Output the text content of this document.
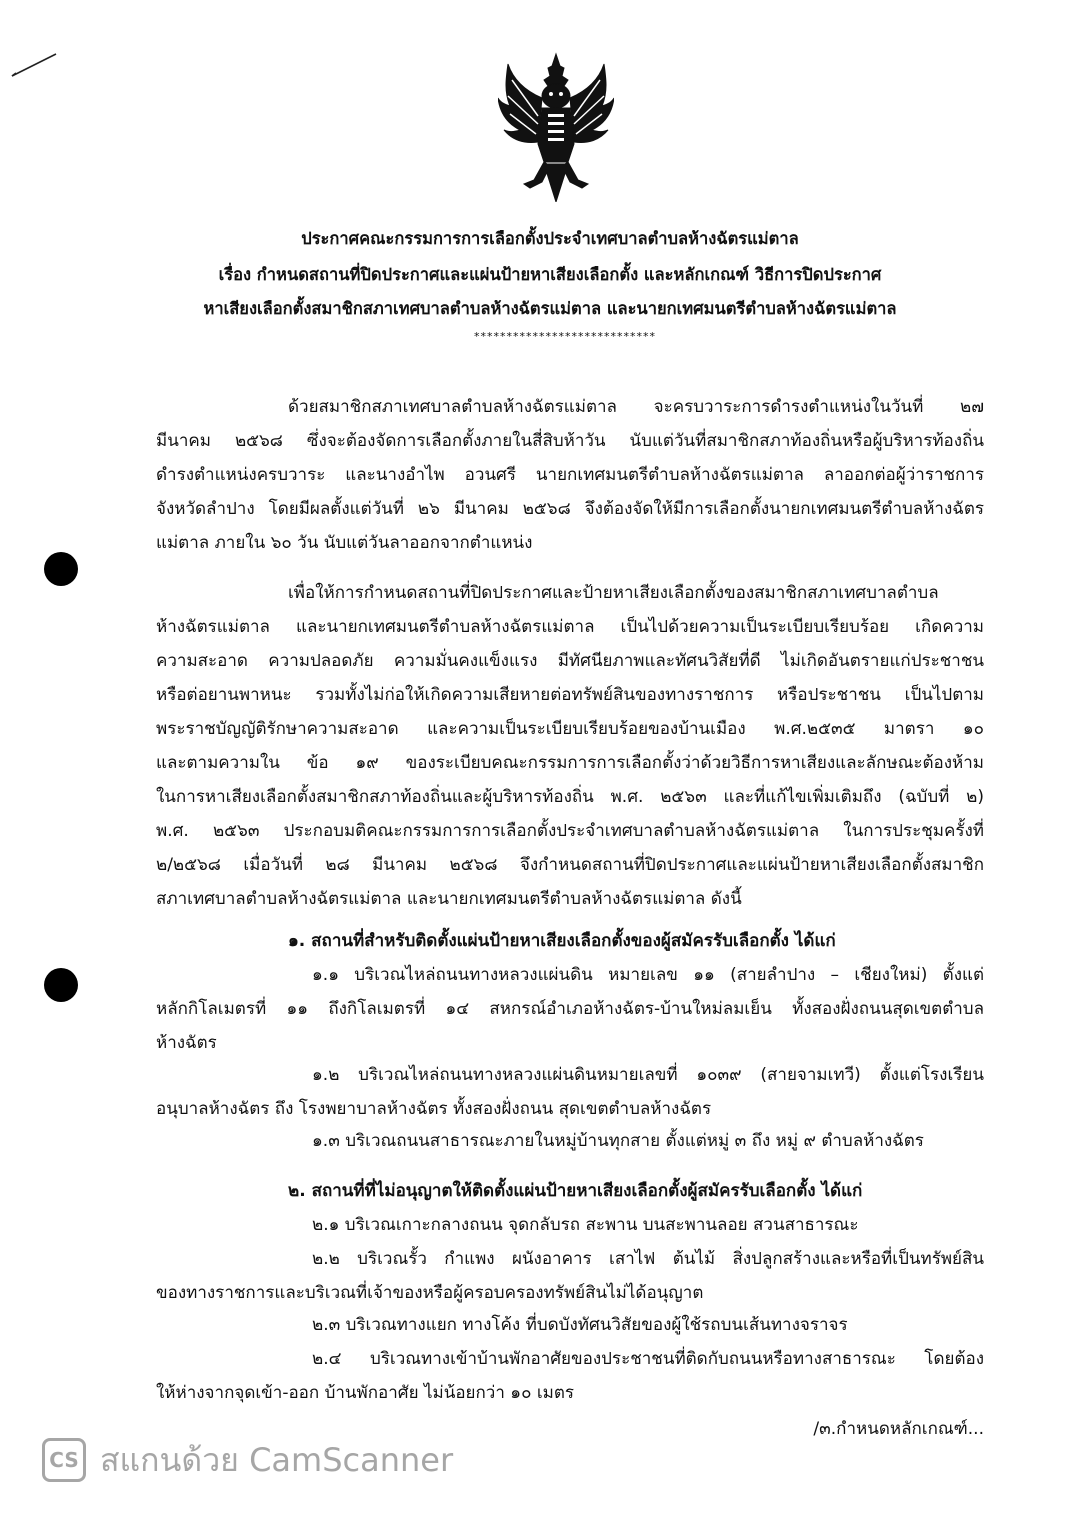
ประกาศคณะกรรมการการเลือกตั้งประจำเทศบาลตำบลห้างฉัตรแม่ตาล
เรื่อง กำหนดสถานที่ปิดประกาศและแผ่นป้ายหาเสียงเลือกตั้ง และหลักเกณฑ์ วิธีการปิดประกาศ
หาเสียงเลือกตั้งสมาชิกสภาเทศบาลตำบลห้างฉัตรแม่ตาล และนายกเทศมนตรีตำบลห้างฉัตรแม่ตาล
****************************
ด้วยสมาชิกสภาเทศบาลตำบลห้างฉัตรแม่ตาล จะครบวาระการดำรงตำแหน่งในวันที่ ๒๗
มีนาคม ๒๕๖๘ ซึ่งจะต้องจัดการเลือกตั้งภายในสี่สิบห้าวัน นับแต่วันที่สมาชิกสภาท้องถิ่นหรือผู้บริหารท้องถิ่น
ดำรงตำแหน่งครบวาระ และนางอำไพ อวนศรี นายกเทศมนตรีตำบลห้างฉัตรแม่ตาล ลาออกต่อผู้ว่าราชการ
จังหวัดลำปาง โดยมีผลตั้งแต่วันที่ ๒๖ มีนาคม ๒๕๖๘ จึงต้องจัดให้มีการเลือกตั้งนายกเทศมนตรีตำบลห้างฉัตร
แม่ตาล ภายใน ๖๐ วัน นับแต่วันลาออกจากตำแหน่ง
เพื่อให้การกำหนดสถานที่ปิดประกาศและป้ายหาเสียงเลือกตั้งของสมาชิกสภาเทศบาลตำบล
ห้างฉัตรแม่ตาล และนายกเทศมนตรีตำบลห้างฉัตรแม่ตาล เป็นไปด้วยความเป็นระเบียบเรียบร้อย เกิดความ
ความสะอาด ความปลอดภัย ความมั่นคงแข็งแรง มีทัศนียภาพและทัศนวิสัยที่ดี ไม่เกิดอันตรายแก่ประชาชน
หรือต่อยานพาหนะ รวมทั้งไม่ก่อให้เกิดความเสียหายต่อทรัพย์สินของทางราชการ หรือประชาชน เป็นไปตาม
พระราชบัญญัติรักษาความสะอาด และความเป็นระเบียบเรียบร้อยของบ้านเมือง พ.ศ.๒๕๓๕ มาตรา ๑๐
และตามความใน ข้อ ๑๙ ของระเบียบคณะกรรมการการเลือกตั้งว่าด้วยวิธีการหาเสียงและลักษณะต้องห้าม
ในการหาเสียงเลือกตั้งสมาชิกสภาท้องถิ่นและผู้บริหารท้องถิ่น พ.ศ. ๒๕๖๓ และที่แก้ไขเพิ่มเติมถึง (ฉบับที่ ๒)
พ.ศ. ๒๕๖๓ ประกอบมติคณะกรรมการการเลือกตั้งประจำเทศบาลตำบลห้างฉัตรแม่ตาล ในการประชุมครั้งที่
๒/๒๕๖๘ เมื่อวันที่ ๒๘ มีนาคม ๒๕๖๘ จึงกำหนดสถานที่ปิดประกาศและแผ่นป้ายหาเสียงเลือกตั้งสมาชิก
สภาเทศบาลตำบลห้างฉัตรแม่ตาล และนายกเทศมนตรีตำบลห้างฉัตรแม่ตาล ดังนี้
๑. สถานที่สำหรับติดตั้งแผ่นป้ายหาเสียงเลือกตั้งของผู้สมัครรับเลือกตั้ง ได้แก่
๑.๑ บริเวณไหล่ถนนทางหลวงแผ่นดิน หมายเลข ๑๑ (สายลำปาง – เชียงใหม่) ตั้งแต่
หลักกิโลเมตรที่ ๑๑ ถึงกิโลเมตรที่ ๑๔ สหกรณ์อำเภอห้างฉัตร-บ้านใหม่ลมเย็น ทั้งสองฝั่งถนนสุดเขตตำบล
ห้างฉัตร
๑.๒ บริเวณไหล่ถนนทางหลวงแผ่นดินหมายเลขที่ ๑๐๓๙ (สายจามเทวี) ตั้งแต่โรงเรียน
อนุบาลห้างฉัตร ถึง โรงพยาบาลห้างฉัตร ทั้งสองฝั่งถนน สุดเขตตำบลห้างฉัตร
๑.๓ บริเวณถนนสาธารณะภายในหมู่บ้านทุกสาย ตั้งแต่หมู่ ๓ ถึง หมู่ ๙ ตำบลห้างฉัตร
๒. สถานที่ที่ไม่อนุญาตให้ติดตั้งแผ่นป้ายหาเสียงเลือกตั้งผู้สมัครรับเลือกตั้ง ได้แก่
๒.๑ บริเวณเกาะกลางถนน จุดกลับรถ สะพาน บนสะพานลอย สวนสาธารณะ
๒.๒ บริเวณรั้ว กำแพง ผนังอาคาร เสาไฟ ต้นไม้ สิ่งปลูกสร้างและหรือที่เป็นทรัพย์สิน
ของทางราชการและบริเวณที่เจ้าของหรือผู้ครอบครองทรัพย์สินไม่ได้อนุญาต
๒.๓ บริเวณทางแยก ทางโค้ง ที่บดบังทัศนวิสัยของผู้ใช้รถบนเส้นทางจราจร
๒.๔ บริเวณทางเข้าบ้านพักอาศัยของประชาชนที่ติดกับถนนหรือทางสาธารณะ โดยต้อง
ให้ห่างจากจุดเข้า-ออก บ้านพักอาศัย ไม่น้อยกว่า ๑๐ เมตร
/๓.กำหนดหลักเกณฑ์...
CS สแกนด้วย CamScanner
